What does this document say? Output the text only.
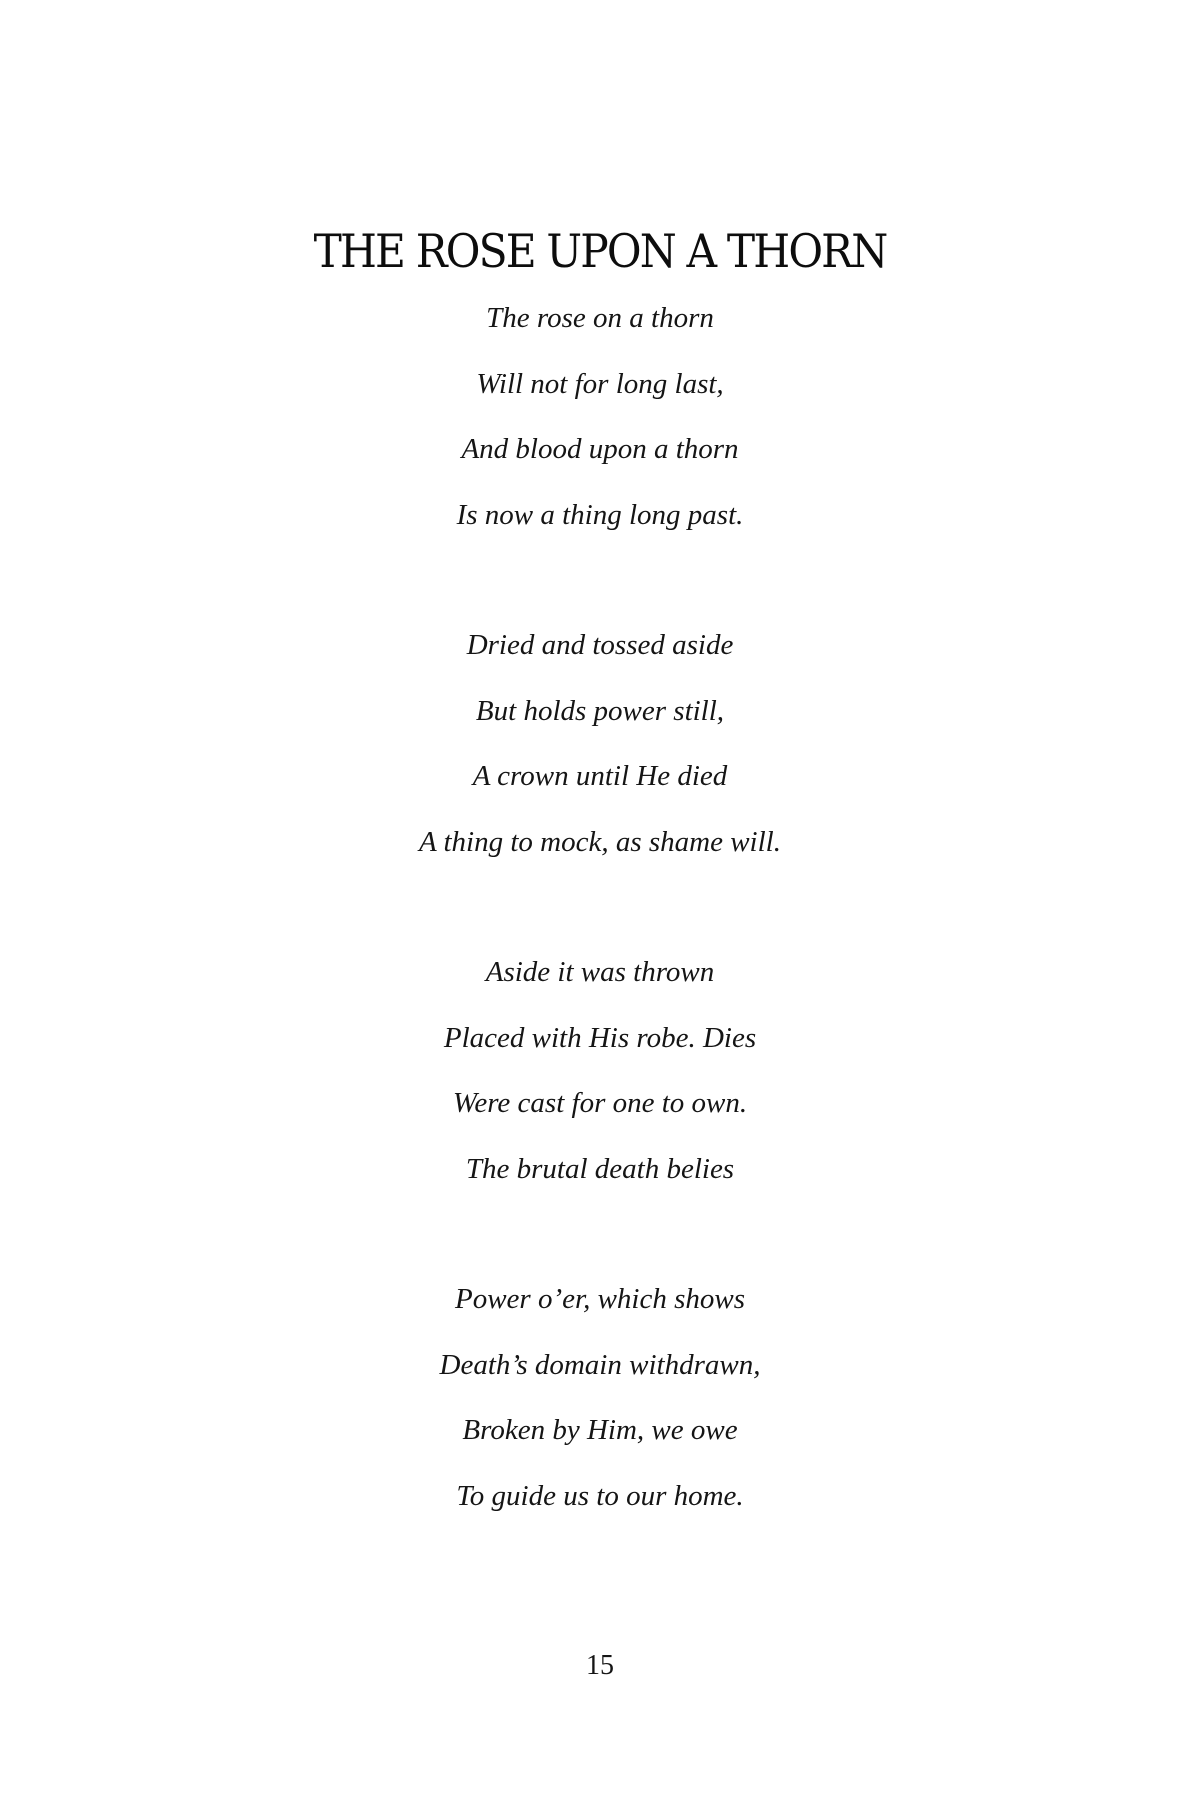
THE ROSE UPON A THORN
The rose on a thorn
Will not for long last,
And blood upon a thorn
Is now a thing long past.
Dried and tossed aside
But holds power still,
A crown until He died
A thing to mock, as shame will.
Aside it was thrown
Placed with His robe. Dies
Were cast for one to own.
The brutal death belies
Power o’er, which shows
Death’s domain withdrawn,
Broken by Him, we owe
To guide us to our home.
15
